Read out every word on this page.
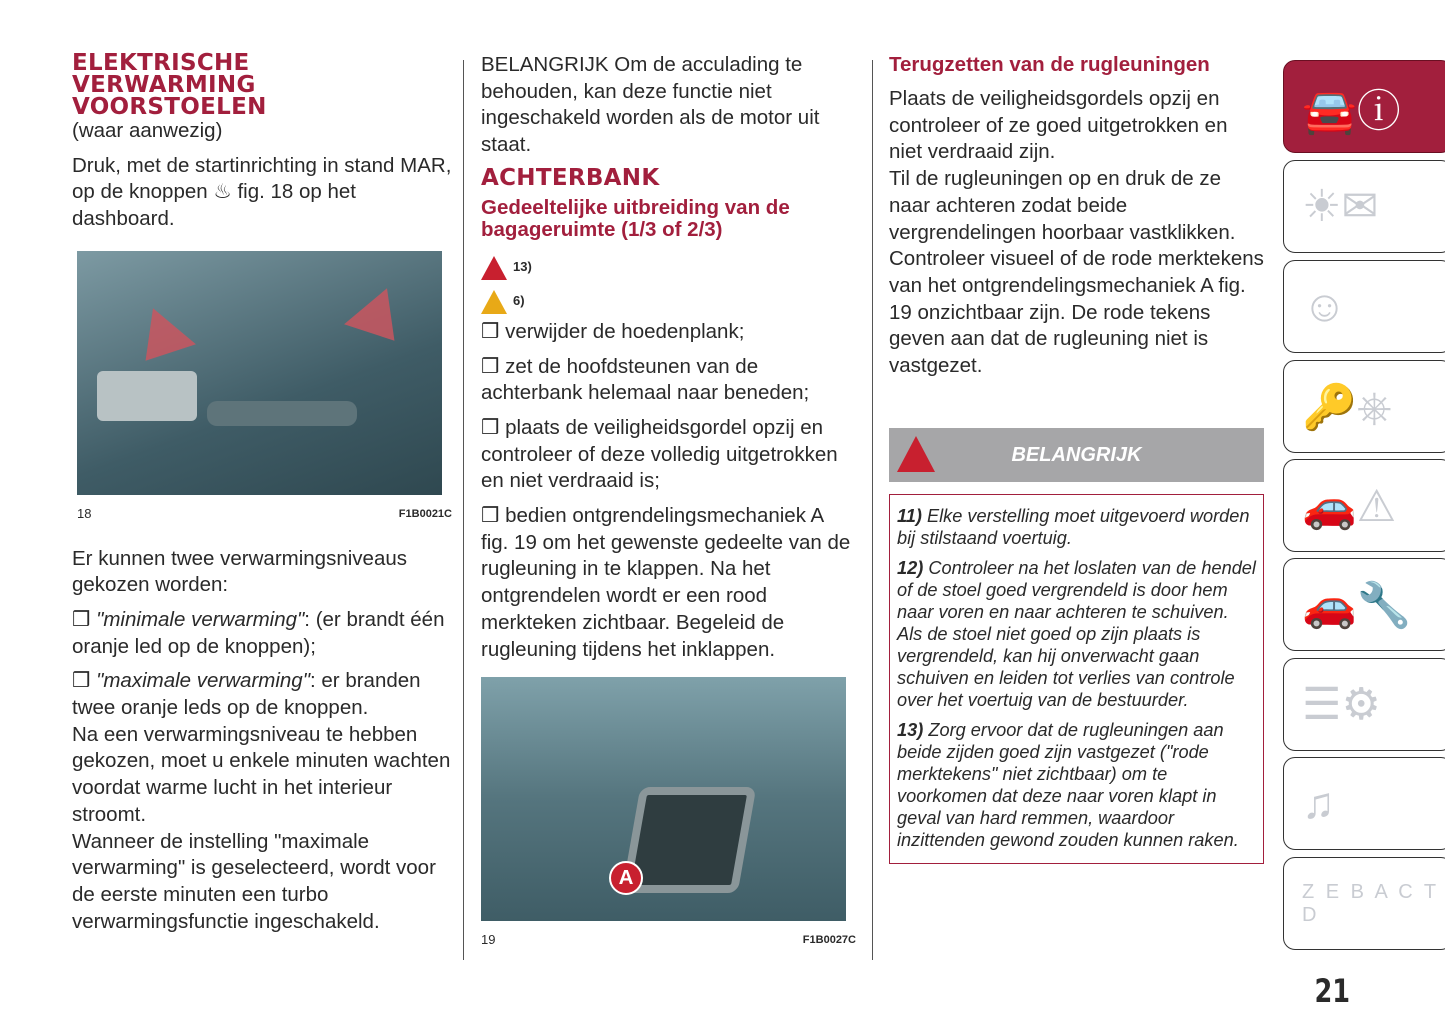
ELEKTRISCHE
VERWARMING
VOORSTOELEN

(waar aanwezig)

Druk, met de startinrichting in stand MAR, op de knoppen ♨ fig. 18 op het dashboard.

18	F1B0021C

Er kunnen twee verwarmingsniveaus gekozen worden:

❒ "minimale verwarming": (er brandt één oranje led op de knoppen);

❒ "maximale verwarming": er branden twee oranje leds op de knoppen.

Na een verwarmingsniveau te hebben gekozen, moet u enkele minuten wachten voordat warme lucht in het interieur stroomt.

Wanneer de instelling "maximale verwarming" is geselecteerd, wordt voor de eerste minuten een turbo verwarmingsfunctie ingeschakeld.

BELANGRIJK Om de acculading te behouden, kan deze functie niet ingeschakeld worden als de motor uit staat.

ACHTERBANK
Gedeeltelijke uitbreiding van de bagageruimte (1/3 of 2/3)
13)
6)

❒ verwijder de hoedenplank;

❒ zet de hoofdsteunen van de achterbank helemaal naar beneden;

❒ plaats de veiligheidsgordel opzij en controleer of deze volledig uitgetrokken en niet verdraaid is;

❒ bedien ontgrendelingsmechaniek A fig. 19 om het gewenste gedeelte van de rugleuning in te klappen. Na het ontgrendelen wordt er een rood merkteken zichtbaar. Begeleid de rugleuning tijdens het inklappen.

A
19	F1B0027C
Terugzetten van de rugleuningen

Plaats de veiligheidsgordels opzij en controleer of ze goed uitgetrokken en niet verdraaid zijn.

Til de rugleuningen op en druk de ze naar achteren zodat beide vergrendelingen hoorbaar vastklikken. Controleer visueel of de rode merktekens van het ontgrendelingsmechaniek A fig. 19 onzichtbaar zijn. De rode tekens geven aan dat de rugleuning niet is vastgezet.

BELANGRIJK

11) Elke verstelling moet uitgevoerd worden bij stilstaand voertuig.

12) Controleer na het loslaten van de hendel of de stoel goed vergrendeld is door hem naar voren en naar achteren te schuiven. Als de stoel niet goed op zijn plaats is vergrendeld, kan hij onverwacht gaan schuiven en leiden tot verlies van controle over het voertuig van de bestuurder.

13) Zorg ervoor dat de rugleuningen aan beide zijden goed zijn vastgezet ("rode merktekens" niet zichtbaar) om te voorkomen dat deze naar voren klapt in geval van hard remmen, waardoor inzittenden gewond zouden kunnen raken.

🚘ⓘ
☀✉
☺
🔑⎈
🚗⚠
🚗🔧
☰⚙
♫
Z E B A C T D
21
